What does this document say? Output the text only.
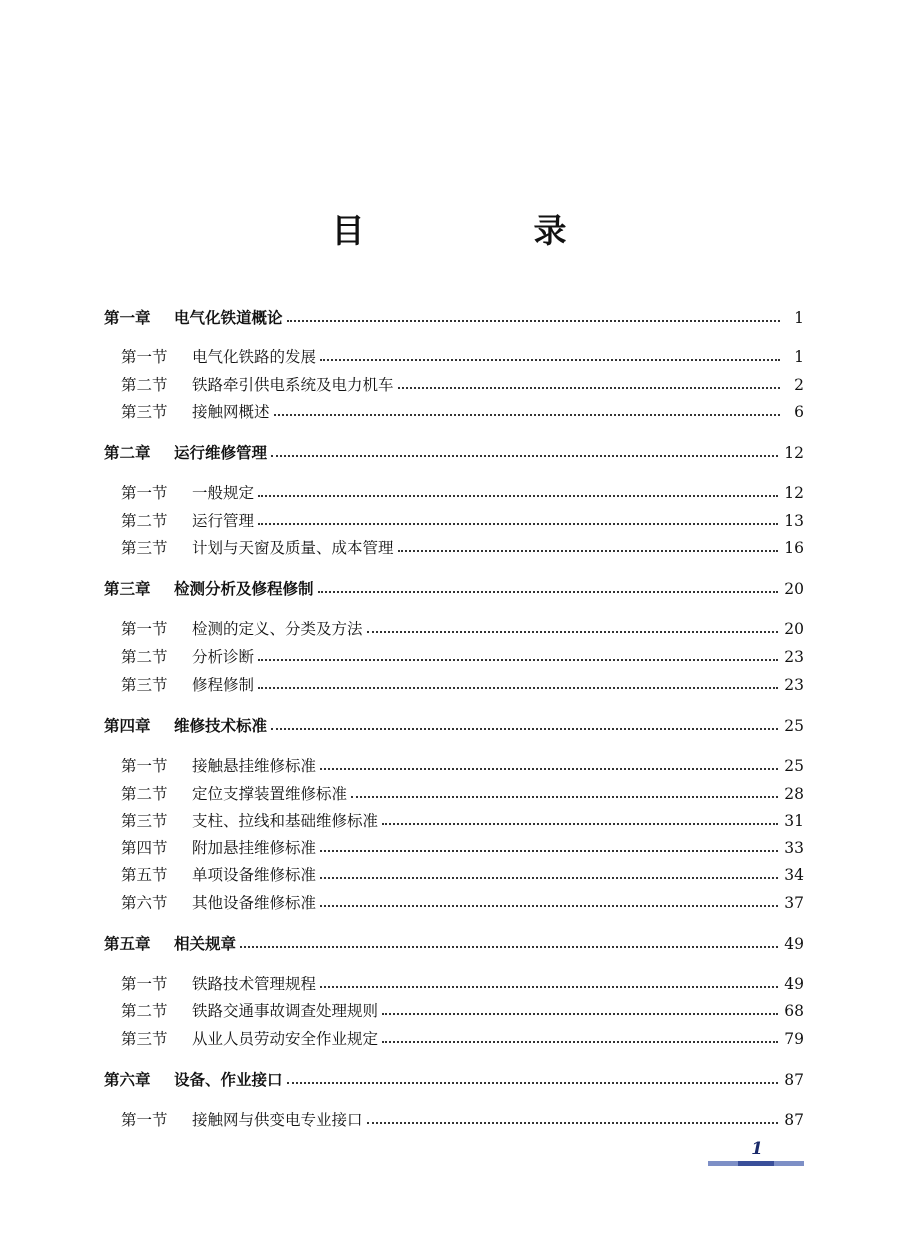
目　录
第一章	电气化铁道概论	1
第一节	电气化铁路的发展	1
第二节	铁路牵引供电系统及电力机车	2
第三节	接触网概述	6
第二章	运行维修管理	12
第一节	一般规定	12
第二节	运行管理	13
第三节	计划与天窗及质量、成本管理	16
第三章	检测分析及修程修制	20
第一节	检测的定义、分类及方法	20
第二节	分析诊断	23
第三节	修程修制	23
第四章	维修技术标准	25
第一节	接触悬挂维修标准	25
第二节	定位支撑装置维修标准	28
第三节	支柱、拉线和基础维修标准	31
第四节	附加悬挂维修标准	33
第五节	单项设备维修标准	34
第六节	其他设备维修标准	37
第五章	相关规章	49
第一节	铁路技术管理规程	49
第二节	铁路交通事故调查处理规则	68
第三节	从业人员劳动安全作业规定	79
第六章	设备、作业接口	87
第一节	接触网与供变电专业接口	87
1
